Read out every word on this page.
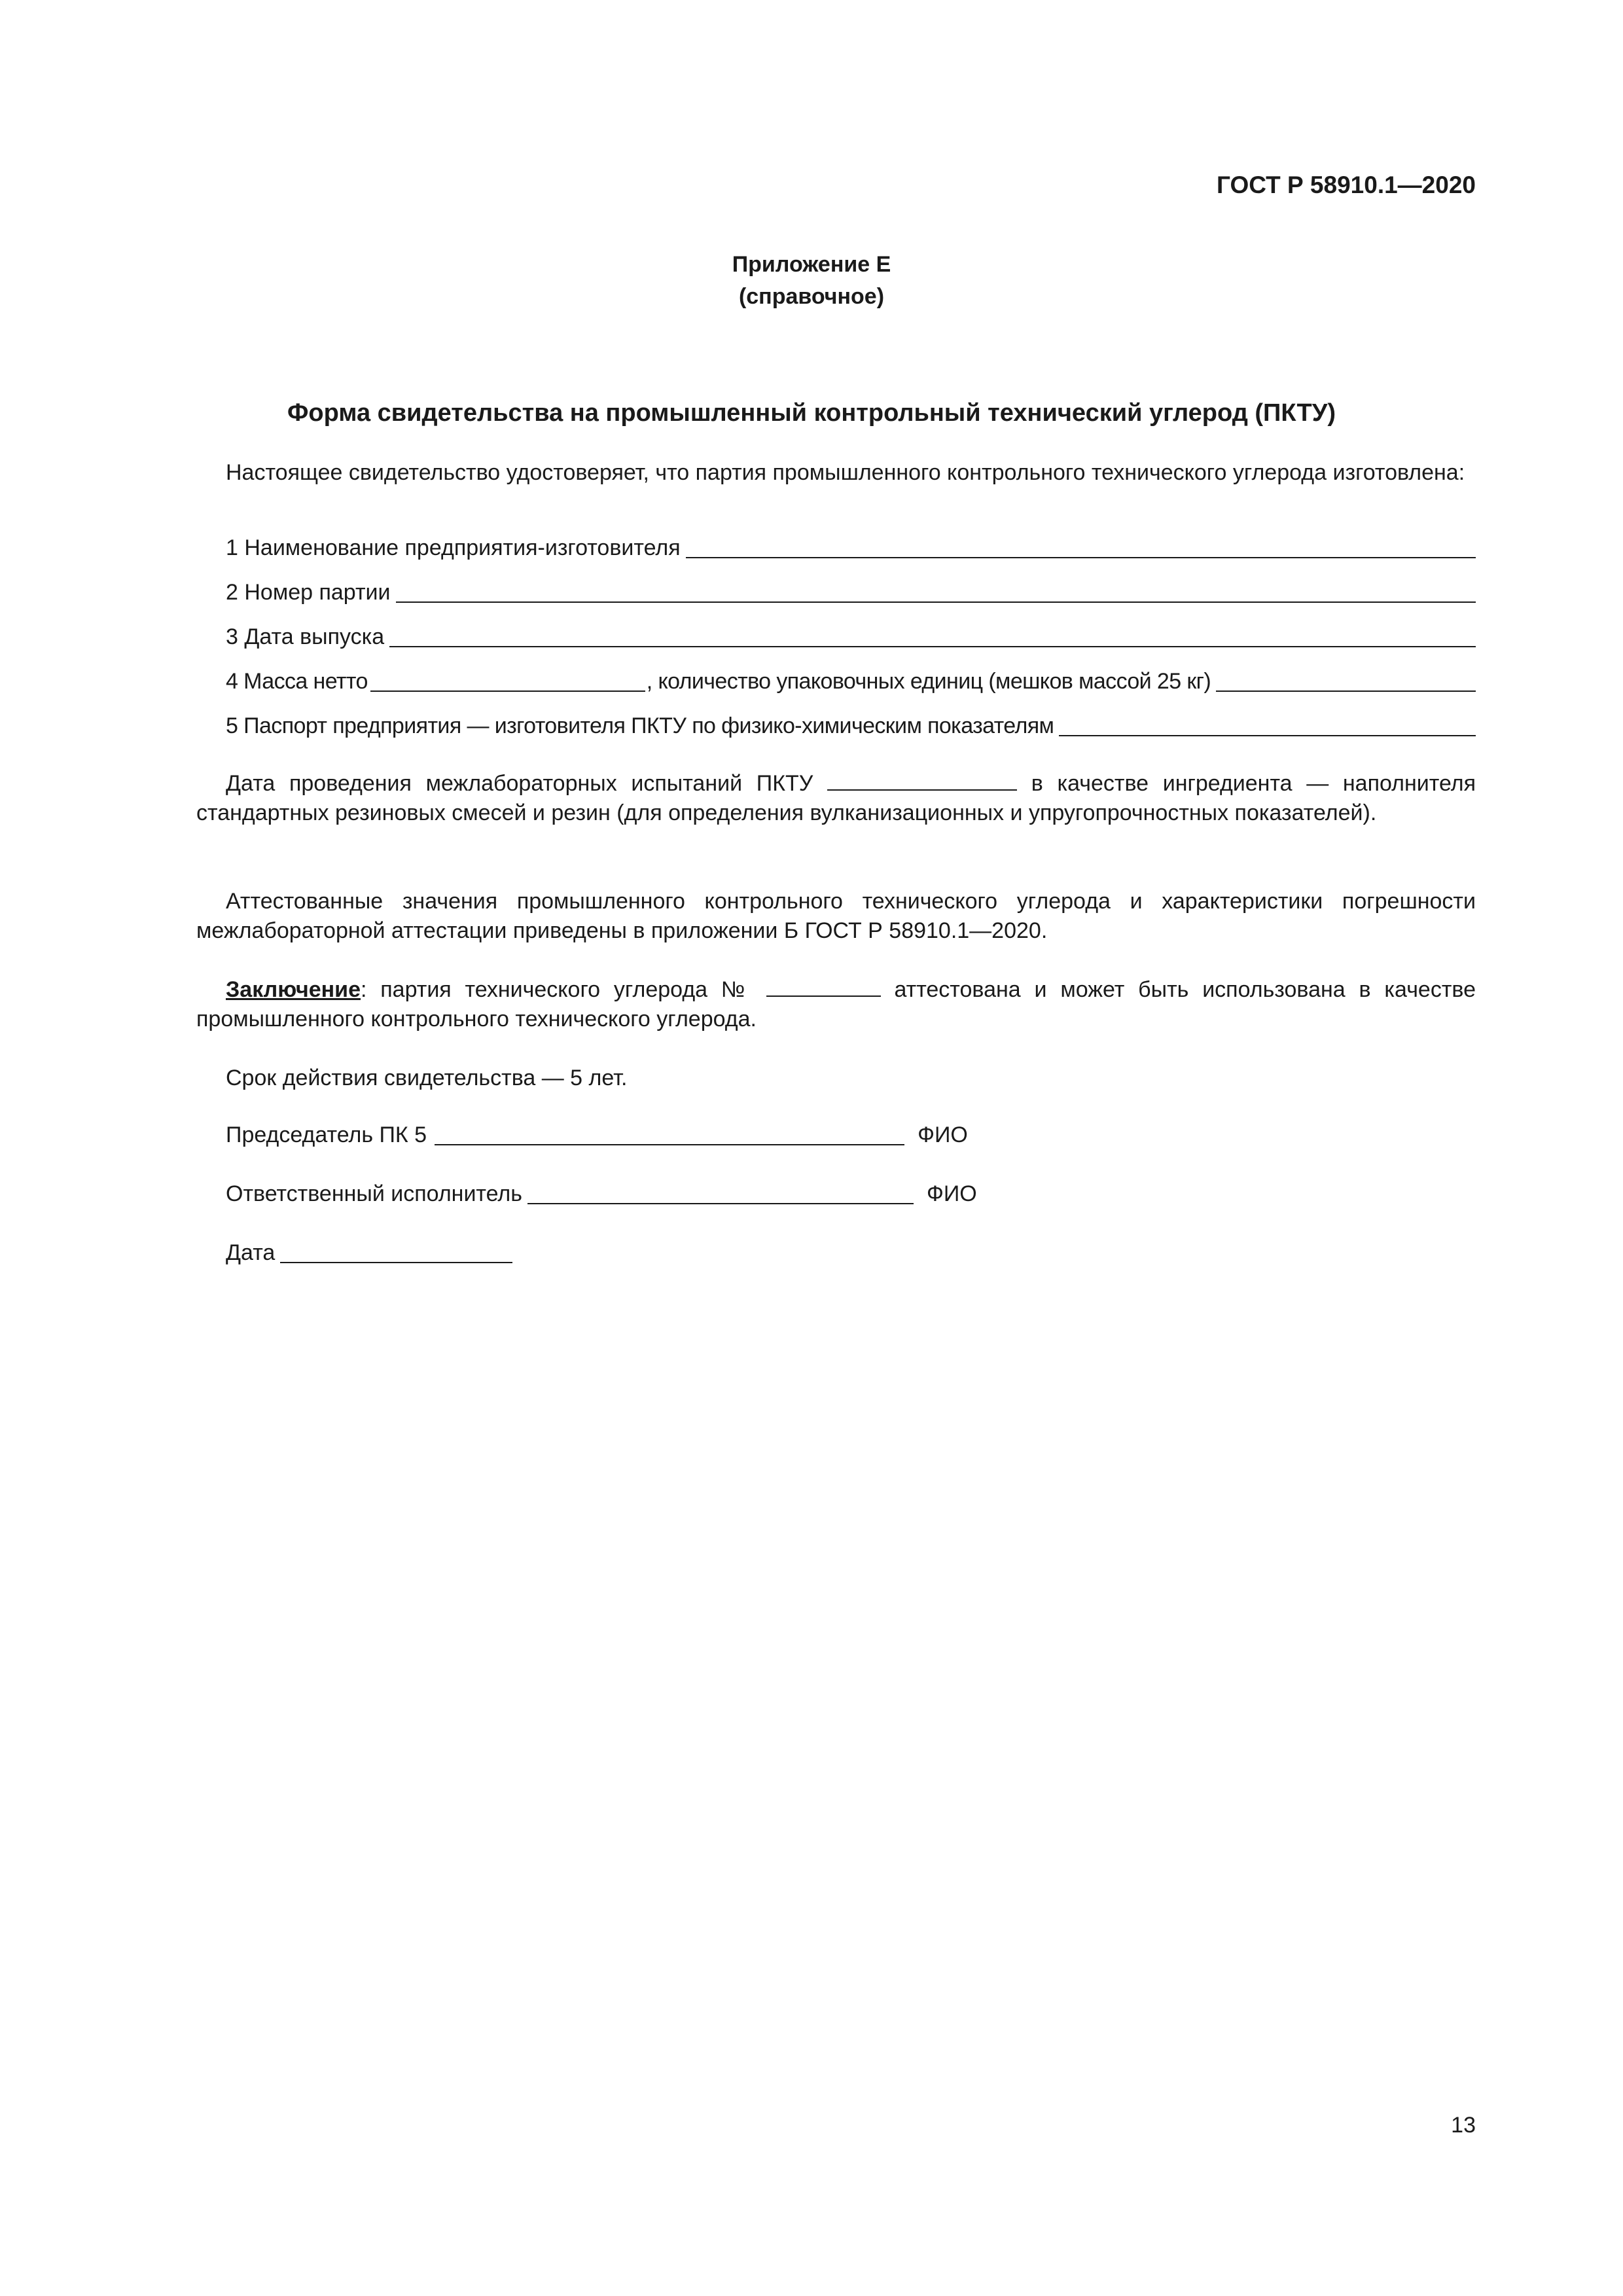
ГОСТ Р 58910.1—2020
Приложение Е
(справочное)
Форма свидетельства на промышленный контрольный технический углерод (ПКТУ)
Настоящее свидетельство удостоверяет, что партия промышленного контрольного технического углерода изготовлена:
1 Наименование предприятия-изготовителя
2 Номер партии
3 Дата выпуска
4 Масса нетто	, количество упаковочных единиц (мешков массой 25 кг)
5 Паспорт предприятия — изготовителя ПКТУ по физико-химическим показателям
Дата проведения межлабораторных испытаний ПКТУ	в качестве ингредиента — наполнителя стандартных резиновых смесей и резин (для определения вулканизационных и упругопрочностных показателей).
Аттестованные значения промышленного контрольного технического углерода и характеристики погрешности межлабораторной аттестации приведены в приложении Б ГОСТ Р 58910.1—2020.
Заключение: партия технического углерода №	аттестована и может быть использована в качестве промышленного контрольного технического углерода.
Срок действия свидетельства — 5 лет.
Председатель ПК 5	ФИО
Ответственный исполнитель	ФИО
Дата
13
